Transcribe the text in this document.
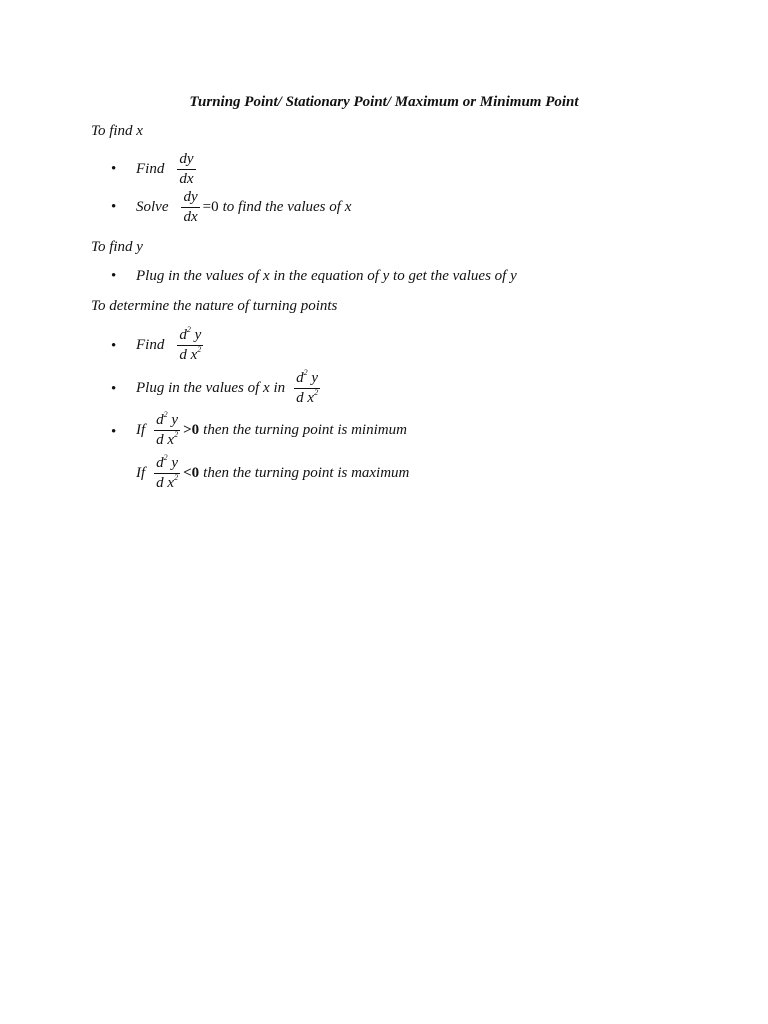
Turning Point/ Stationary Point/ Maximum or Minimum Point
To find x
• Find $\frac{dy}{dx}$
• Solve $\frac{dy}{dx} =0$ to find the values of x
To find y
• Plug in the values of x in the equation of y to get the values of y
To determine the nature of turning points
• Find $\frac{d^2 y}{d x^2}$
• Plug in the values of x in $\frac{d^2 y}{d x^2}$
• If $\frac{d^2 y}{d x^2} >0$ then the turning point is minimum
If $\frac{d^2 y}{d x^2} <0$ then the turning point is maximum
